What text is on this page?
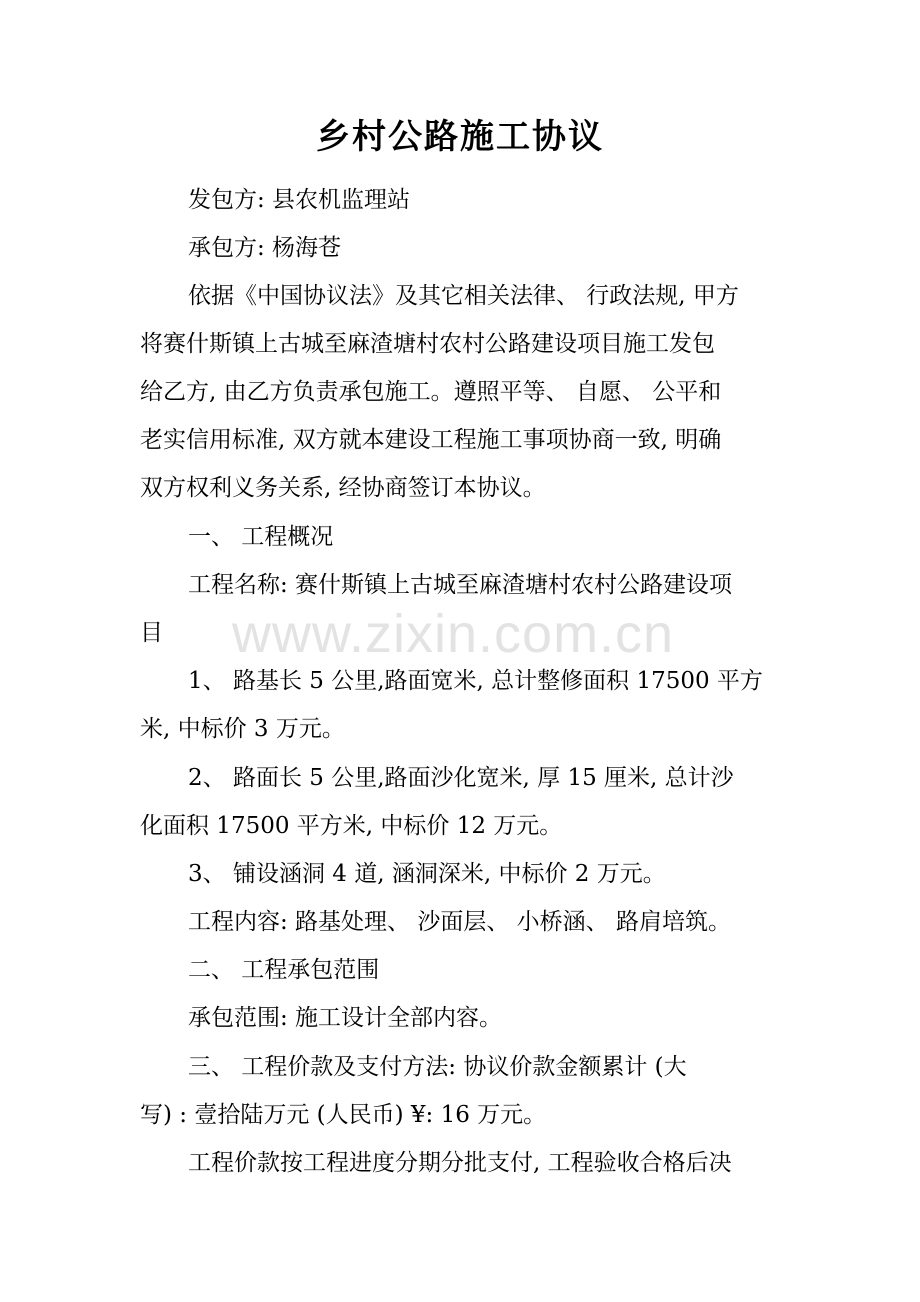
www.zixin.com.cn
乡村公路施工协议
发包方: 县农机监理站
承包方: 杨海苍
依据《中国协议法》及其它相关法律、 行政法规, 甲方
将赛什斯镇上古城至麻渣塘村农村公路建设项目施工发包
给乙方, 由乙方负责承包施工。遵照平等、 自愿、 公平和
老实信用标准, 双方就本建设工程施工事项协商一致, 明确
双方权利义务关系, 经协商签订本协议。
一、 工程概况
工程名称: 赛什斯镇上古城至麻渣塘村农村公路建设项
目
1、 路基长 5 公里,路面宽米, 总计整修面积 17500 平方
米, 中标价 3 万元。
2、 路面长 5 公里,路面沙化宽米, 厚 15 厘米, 总计沙
化面积 17500 平方米, 中标价 12 万元。
3、 铺设涵洞 4 道, 涵洞深米, 中标价 2 万元。
工程内容: 路基处理、 沙面层、 小桥涵、 路肩培筑。
二、 工程承包范围
承包范围: 施工设计全部内容。
三、 工程价款及支付方法: 协议价款金额累计 (大
写) : 壹拾陆万元 (人民币) ¥: 16 万元。
工程价款按工程进度分期分批支付, 工程验收合格后决
